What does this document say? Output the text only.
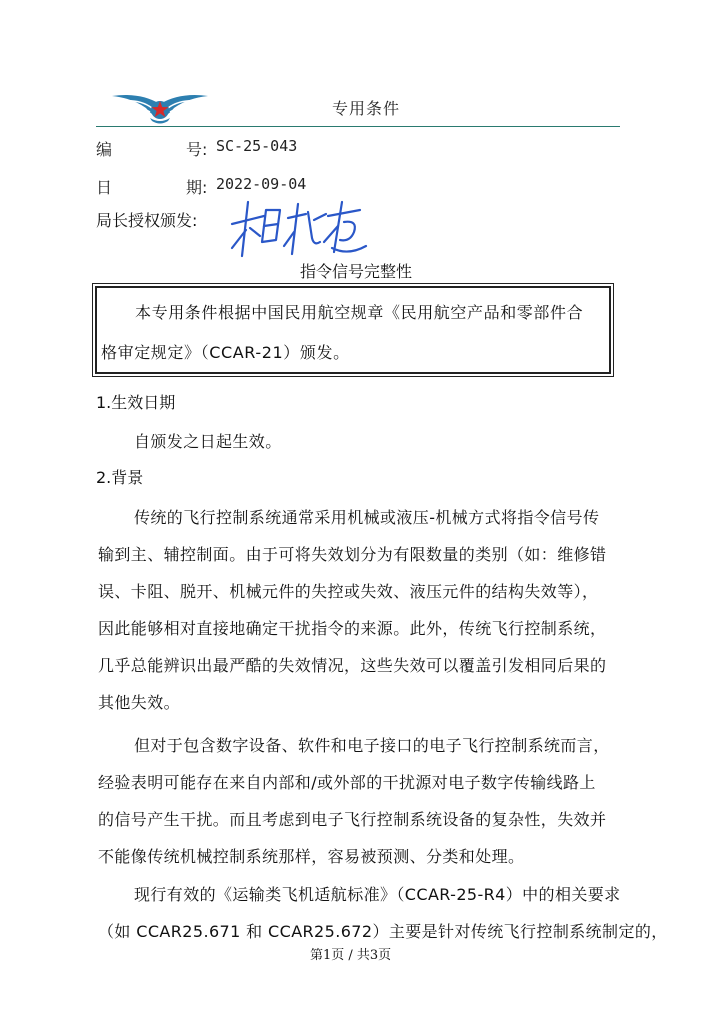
专用条件
编	号: SC-25-043
日	期: 2022-09-04
局长授权颁发:
指令信号完整性
本专用条件根据中国民用航空规章《民用航空产品和零部件合
格审定规定》（CCAR-21）颁发。
1.生效日期
自颁发之日起生效。
2.背景
传统的飞行控制系统通常采用机械或液压-机械方式将指令信号传
输到主、辅控制面。由于可将失效划分为有限数量的类别（如：维修错
误、卡阻、脱开、机械元件的失控或失效、液压元件的结构失效等），
因此能够相对直接地确定干扰指令的来源。此外，传统飞行控制系统，
几乎总能辨识出最严酷的失效情况，这些失效可以覆盖引发相同后果的
其他失效。
但对于包含数字设备、软件和电子接口的电子飞行控制系统而言，
经验表明可能存在来自内部和/或外部的干扰源对电子数字传输线路上
的信号产生干扰。而且考虑到电子飞行控制系统设备的复杂性，失效并
不能像传统机械控制系统那样，容易被预测、分类和处理。
现行有效的《运输类飞机适航标准》（CCAR-25-R4）中的相关要求
（如 CCAR25.671 和 CCAR25.672）主要是针对传统飞行控制系统制定的，
第1页 / 共3页
